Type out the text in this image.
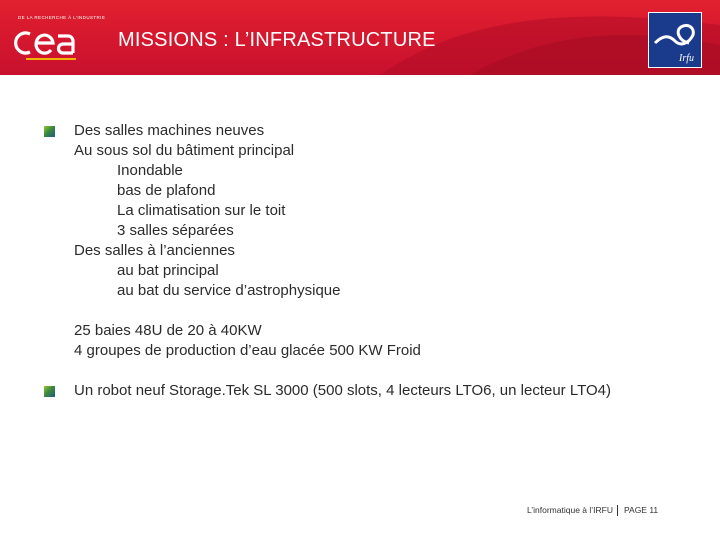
DE LA RECHERCHE À L'INDUSTRIE
MISSIONS : L’INFRASTRUCTURE
Irfu
Des salles machines neuves
Au sous sol du bâtiment principal
Inondable
bas de plafond
La climatisation sur le toit
3 salles séparées
Des salles à l’anciennes
au bat principal
au bat du service d’astrophysique
25 baies 48U de 20 à 40KW
4 groupes de production d’eau glacée 500 KW Froid
Un robot neuf Storage.Tek SL 3000 (500 slots, 4 lecteurs LTO6, un lecteur LTO4)
L’informatique à l’IRFU PAGE 11
